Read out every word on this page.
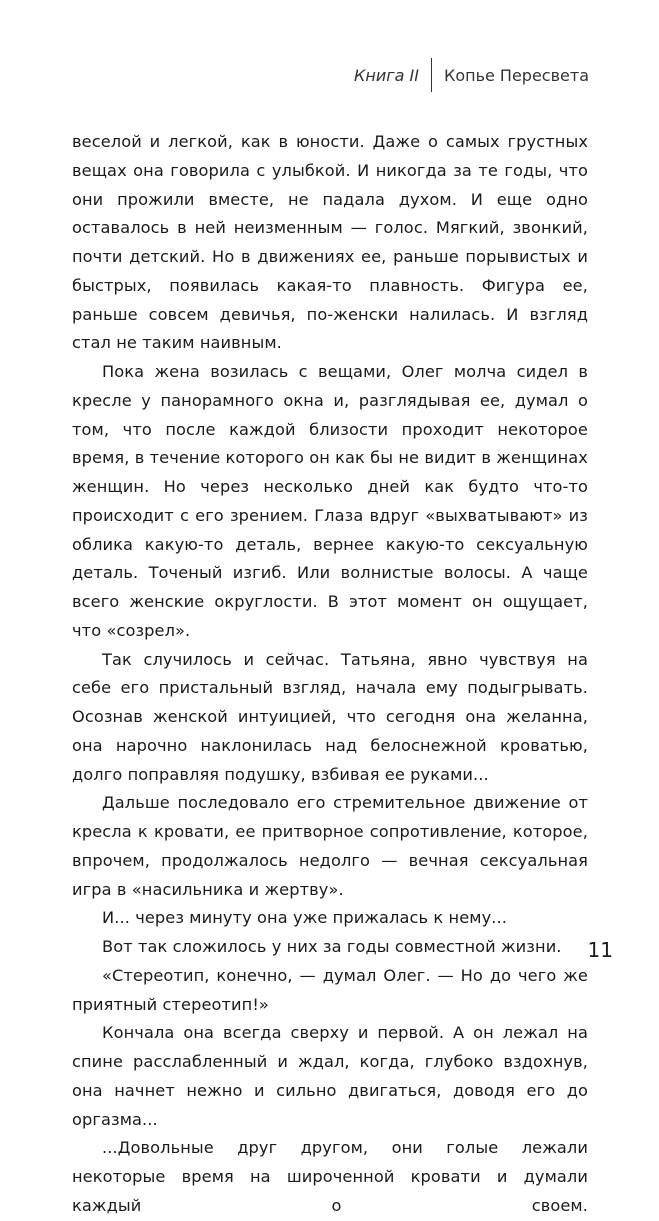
Книга II	Копье Пересвета

веселой и легкой, как в юности. Даже о самых грустных вещах она говорила с улыбкой. И никогда за те годы, что они прожили вместе, не падала духом. И еще одно оставалось в ней неизменным — голос. Мягкий, звонкий, почти детский. Но в движениях ее, раньше порывистых и быстрых, появилась какая-то плавность. Фигура ее, раньше совсем девичья, по-женски налилась. И взгляд стал не таким наивным.

Пока жена возилась с вещами, Олег молча сидел в кресле у панорамного окна и, разглядывая ее, думал о том, что после каждой близости проходит некоторое время, в течение которого он как бы не видит в женщинах женщин. Но через несколько дней как будто что-то происходит с его зрением. Глаза вдруг «выхватывают» из облика какую-то деталь, вернее какую-то сексуальную деталь. Точеный изгиб. Или волнистые волосы. А чаще всего женские округлости. В этот момент он ощущает, что «созрел».

Так случилось и сейчас. Татьяна, явно чувствуя на себе его пристальный взгляд, начала ему подыгрывать. Осознав женской интуицией, что сегодня она желанна, она нарочно наклонилась над белоснежной кроватью, долго поправляя подушку, взбивая ее руками...

Дальше последовало его стремительное движение от кресла к кровати, ее притворное сопротивление, которое, впрочем, продолжалось недолго — вечная сексуальная игра в «насильника и жертву».

И... через минуту она уже прижалась к нему...

Вот так сложилось у них за годы совместной жизни.

«Стереотип, конечно, — думал Олег. — Но до чего же приятный стереотип!»

Кончала она всегда сверху и первой. А он лежал на спине расслабленный и ждал, когда, глубоко вздохнув, она начнет нежно и сильно двигаться, доводя его до оргазма...

...Довольные друг другом, они голые лежали некоторые время на широченной кровати и думали каждый о своем.

11
